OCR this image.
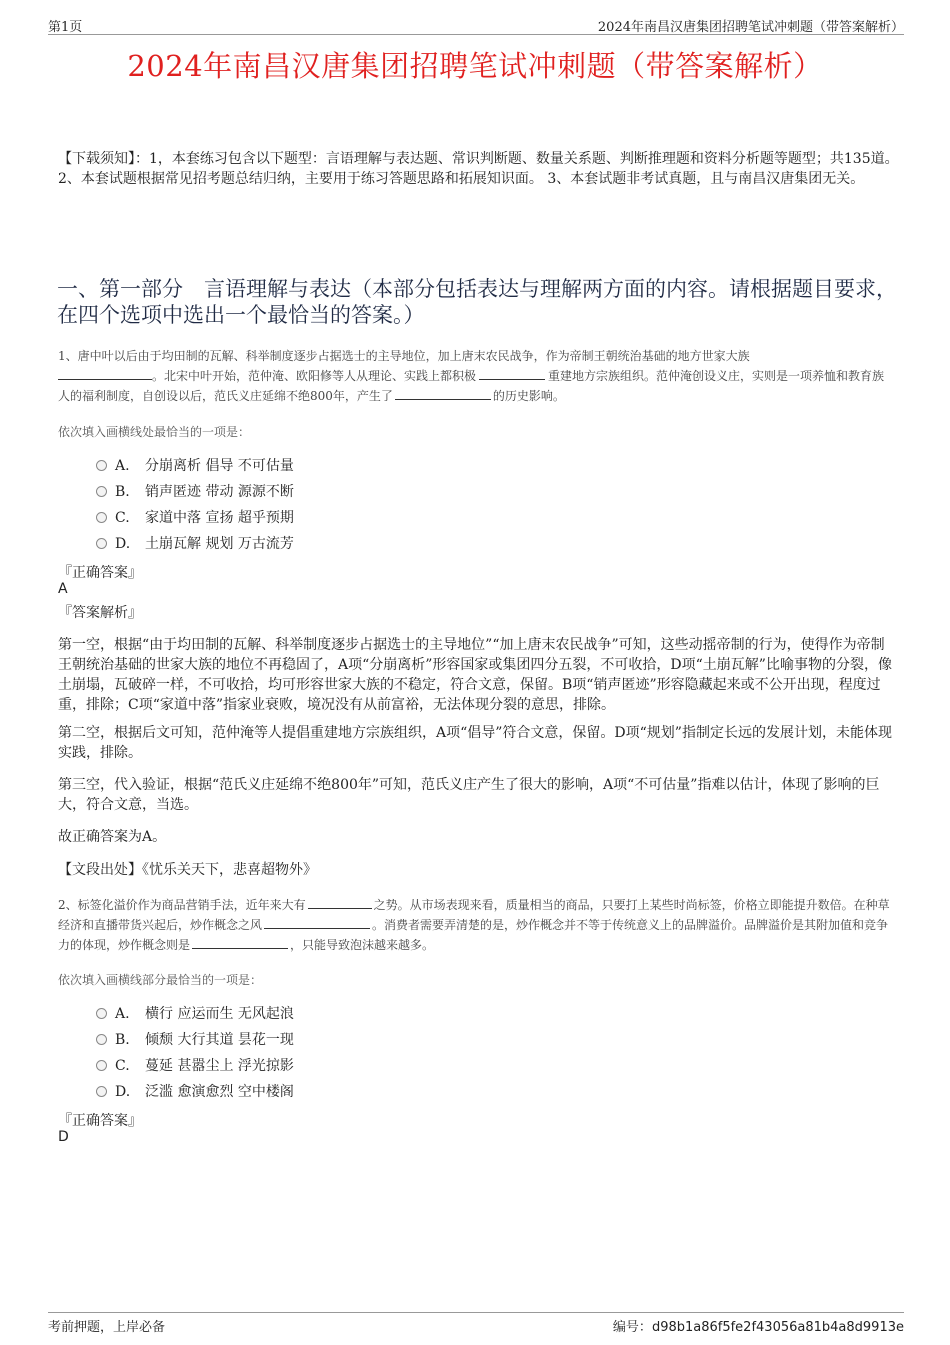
第1页	2024年南昌汉唐集团招聘笔试冲刺题（带答案解析）
2024年南昌汉唐集团招聘笔试冲刺题（带答案解析）
【下载须知】：1，本套练习包含以下题型：言语理解与表达题、常识判断题、数量关系题、判断推理题和资料分析题等题型；共135道。 2、本套试题根据常见招考题总结归纳，主要用于练习答题思路和拓展知识面。 3、本套试题非考试真题，且与南昌汉唐集团无关。
一、第一部分　言语理解与表达（本部分包括表达与理解两方面的内容。请根据题目要求，在四个选项中选出一个最恰当的答案。）
1、唐中叶以后由于均田制的瓦解、科举制度逐步占据选士的主导地位，加上唐末农民战争，作为帝制王朝统治基础的地方世家大族
。北宋中叶开始，范仲淹、欧阳修等人从理论、实践上都积极	重建地方宗族组织。范仲淹创设义庄，实则是一项养恤和教育族人的福利制度，自创设以后，范氏义庄延绵不绝800年，产生了	的历史影响。
依次填入画横线处最恰当的一项是：
A. 分崩离析 倡导 不可估量
B. 销声匿迹 带动 源源不断
C. 家道中落 宣扬 超乎预期
D. 土崩瓦解 规划 万古流芳
『正确答案』
A
『答案解析』
第一空，根据“由于均田制的瓦解、科举制度逐步占据选士的主导地位”“加上唐末农民战争”可知，这些动摇帝制的行为，使得作为帝制王朝统治基础的世家大族的地位不再稳固了，A项“分崩离析”形容国家或集团四分五裂，不可收拾，D项“土崩瓦解”比喻事物的分裂，像土崩塌，瓦破碎一样，不可收拾，均可形容世家大族的不稳定，符合文意，保留。B项“销声匿迹”形容隐藏起来或不公开出现，程度过重，排除；C项“家道中落”指家业衰败，境况没有从前富裕，无法体现分裂的意思，排除。
第二空，根据后文可知，范仲淹等人提倡重建地方宗族组织，A项“倡导”符合文意，保留。D项“规划”指制定长远的发展计划，未能体现实践，排除。
第三空，代入验证，根据“范氏义庄延绵不绝800年”可知，范氏义庄产生了很大的影响，A项“不可估量”指难以估计，体现了影响的巨大，符合文意，当选。
故正确答案为A。
【文段出处】《忧乐关天下，悲喜超物外》
2、标签化溢价作为商品营销手法，近年来大有	之势。从市场表现来看，质量相当的商品，只要打上某些时尚标签，价格立即能提升数倍。在种草经济和直播带货兴起后，炒作概念之风	。消费者需要弄清楚的是，炒作概念并不等于传统意义上的品牌溢价。品牌溢价是其附加值和竞争力的体现，炒作概念则是	，只能导致泡沫越来越多。
依次填入画横线部分最恰当的一项是：
A. 横行 应运而生 无风起浪
B. 倾颓 大行其道 昙花一现
C. 蔓延 甚嚣尘上 浮光掠影
D. 泛滥 愈演愈烈 空中楼阁
『正确答案』
D
考前押题，上岸必备	编号：d98b1a86f5fe2f43056a81b4a8d9913e
